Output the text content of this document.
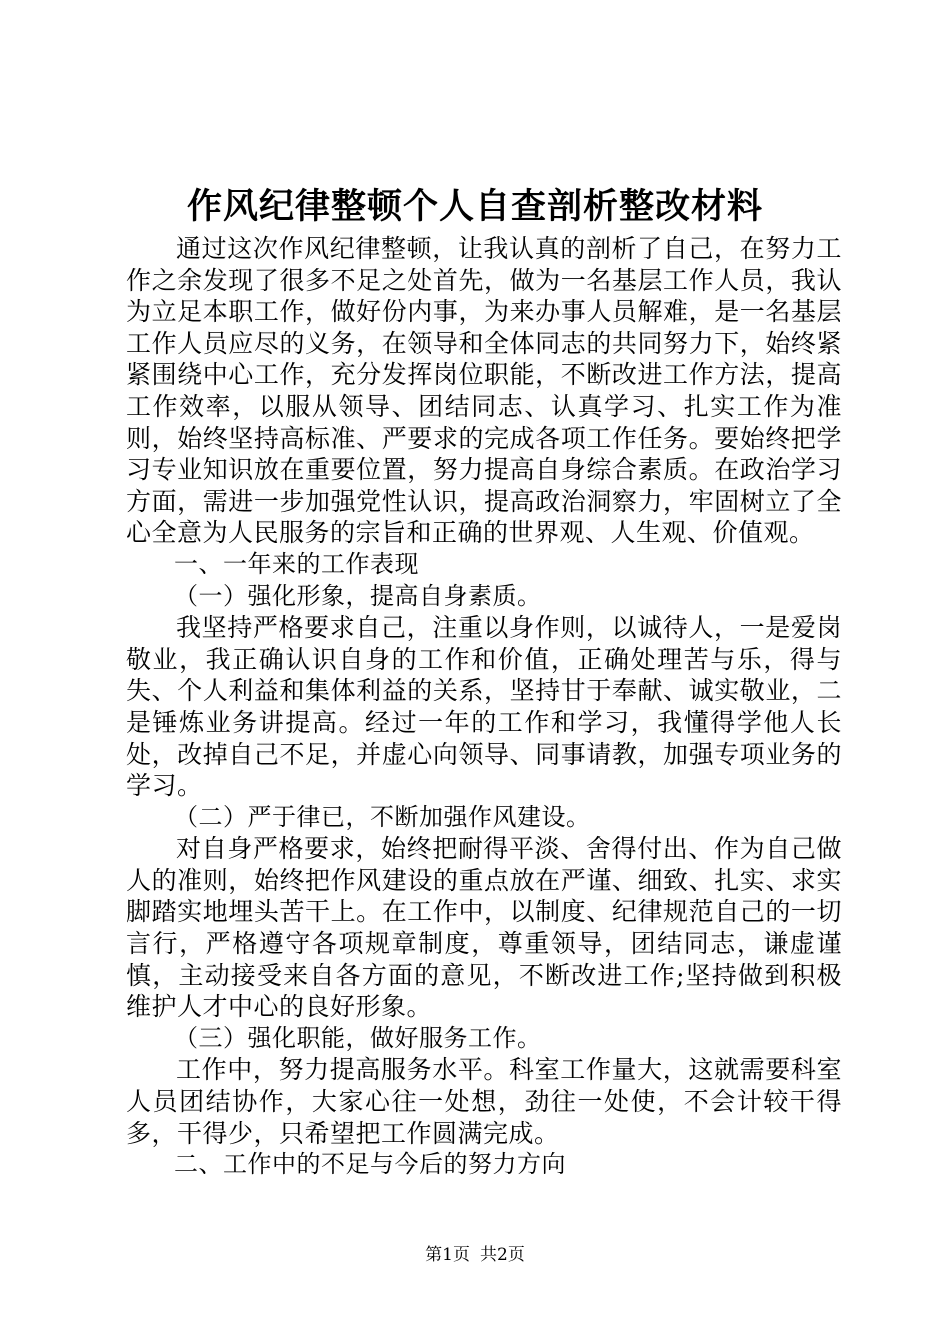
作风纪律整顿个人自查剖析整改材料

通过这次作风纪律整顿，让我认真的剖析了自己，在努力工作之余发现了很多不足之处首先，做为一名基层工作人员，我认为立足本职工作，做好份内事，为来办事人员解难，是一名基层工作人员应尽的义务，在领导和全体同志的共同努力下，始终紧紧围绕中心工作，充分发挥岗位职能，不断改进工作方法，提高工作效率，以服从领导、团结同志、认真学习、扎实工作为准则，始终坚持高标准、严要求的完成各项工作任务。要始终把学习专业知识放在重要位置，努力提高自身综合素质。在政治学习方面，需进一步加强党性认识，提高政治洞察力，牢固树立了全心全意为人民服务的宗旨和正确的世界观、人生观、价值观。

一、一年来的工作表现

（一）强化形象，提高自身素质。

我坚持严格要求自己，注重以身作则，以诚待人，一是爱岗敬业，我正确认识自身的工作和价值，正确处理苦与乐，得与失、个人利益和集体利益的关系，坚持甘于奉献、诚实敬业，二是锤炼业务讲提高。经过一年的工作和学习，我懂得学他人长处，改掉自己不足，并虚心向领导、同事请教，加强专项业务的学习。

（二）严于律已，不断加强作风建设。

对自身严格要求，始终把耐得平淡、舍得付出、作为自己做人的准则，始终把作风建设的重点放在严谨、细致、扎实、求实脚踏实地埋头苦干上。在工作中，以制度、纪律规范自己的一切言行，严格遵守各项规章制度，尊重领导，团结同志，谦虚谨慎，主动接受来自各方面的意见，不断改进工作;坚持做到积极维护人才中心的良好形象。

（三）强化职能，做好服务工作。

工作中，努力提高服务水平。科室工作量大，这就需要科室人员团结协作，大家心往一处想，劲往一处使，不会计较干得多，干得少，只希望把工作圆满完成。

二、工作中的不足与今后的努力方向

第1页 共2页
